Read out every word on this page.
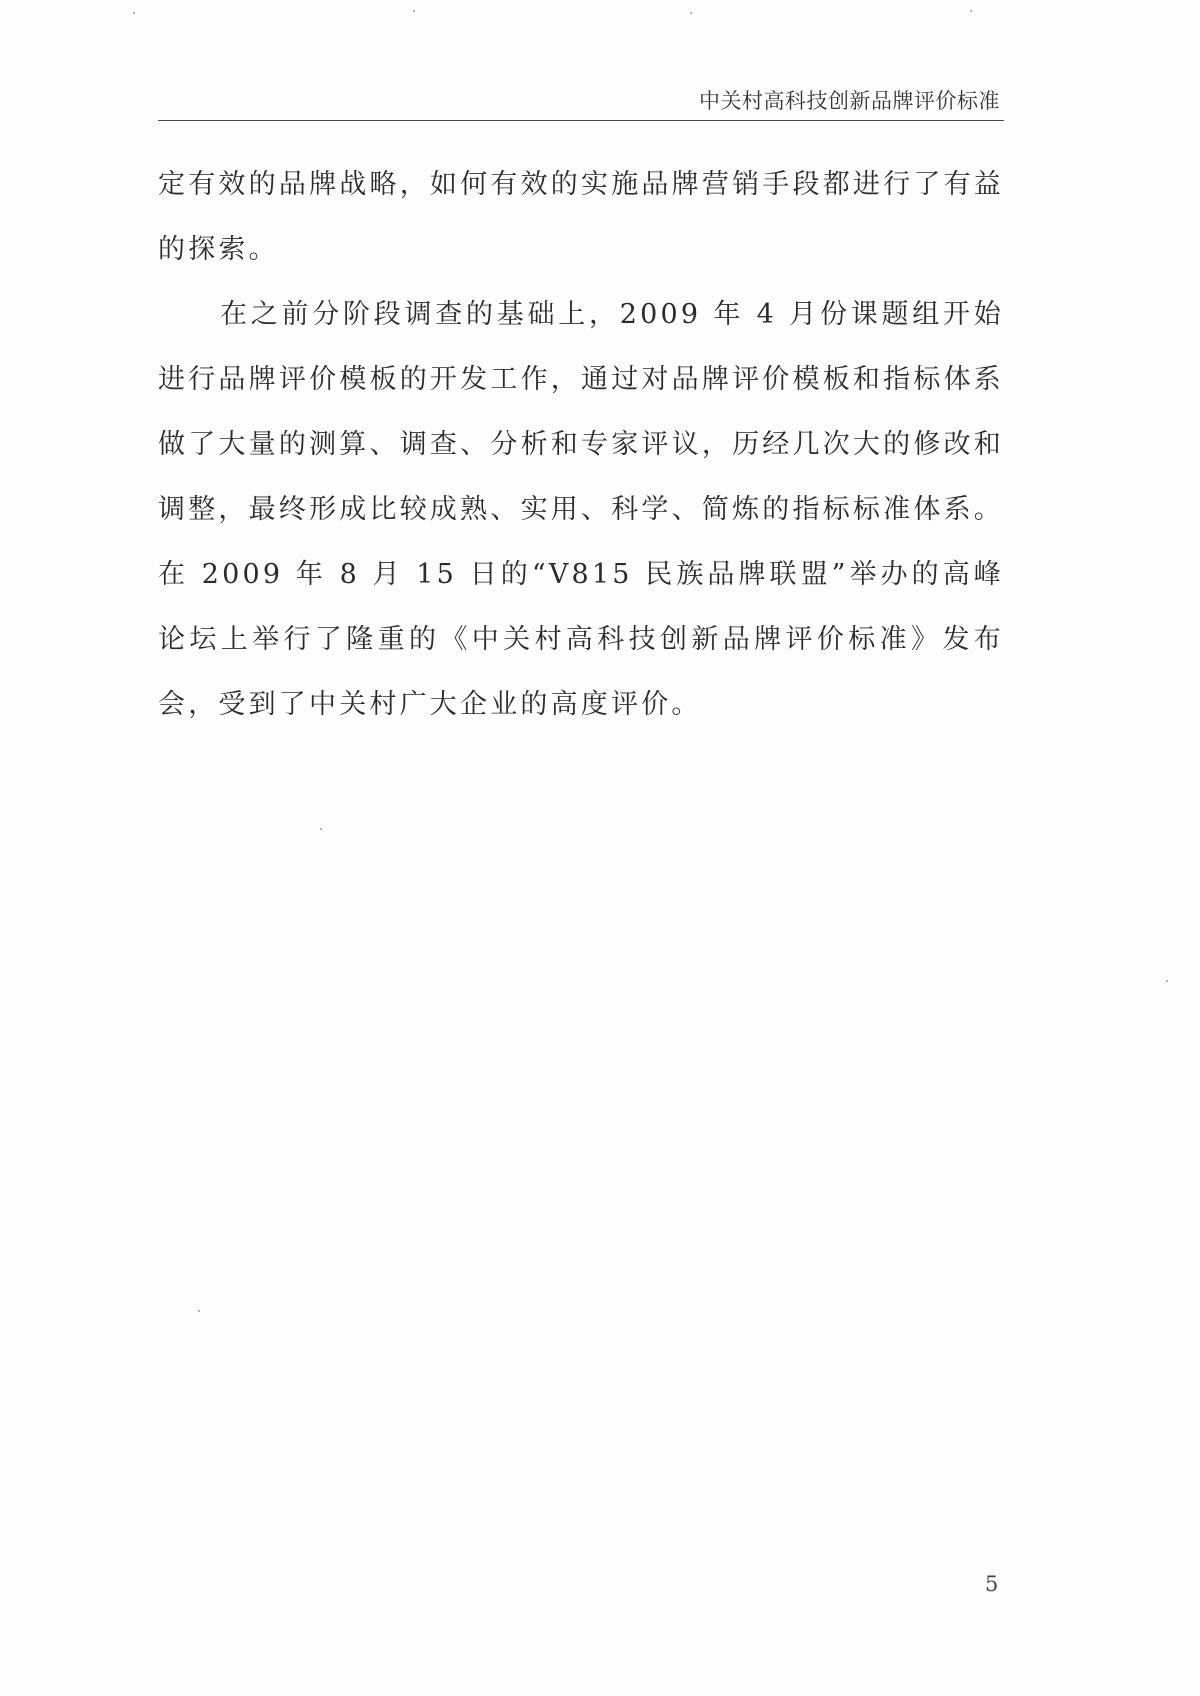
中关村高科技创新品牌评价标准

定有效的品牌战略，如何有效的实施品牌营销手段都进行了有益的探索。

在之前分阶段调查的基础上，2009 年 4 月份课题组开始进行品牌评价模板的开发工作，通过对品牌评价模板和指标体系做了大量的测算、调查、分析和专家评议，历经几次大的修改和调整，最终形成比较成熟、实用、科学、简炼的指标标准体系。在 2009 年 8 月 15 日的“V815 民族品牌联盟”举办的高峰论坛上举行了隆重的《中关村高科技创新品牌评价标准》发布会，受到了中关村广大企业的高度评价。

5
